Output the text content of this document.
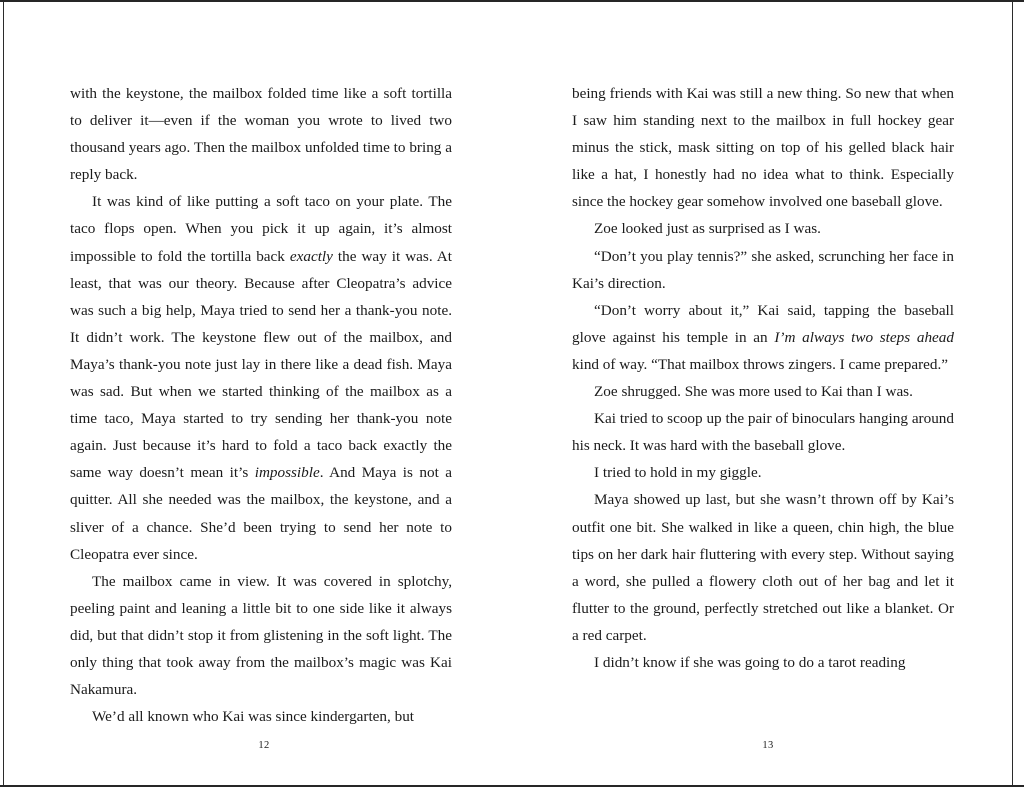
with the keystone, the mailbox folded time like a soft tortilla to deliver it—even if the woman you wrote to lived two thousand years ago. Then the mailbox unfolded time to bring a reply back.

It was kind of like putting a soft taco on your plate. The taco flops open. When you pick it up again, it’s almost impossible to fold the tortilla back exactly the way it was. At least, that was our theory. Because after Cleopatra’s advice was such a big help, Maya tried to send her a thank-you note. It didn’t work. The keystone flew out of the mailbox, and Maya’s thank-you note just lay in there like a dead fish. Maya was sad. But when we started thinking of the mailbox as a time taco, Maya started to try sending her thank-you note again. Just because it’s hard to fold a taco back exactly the same way doesn’t mean it’s impossible. And Maya is not a quitter. All she needed was the mailbox, the keystone, and a sliver of a chance. She’d been trying to send her note to Cleopatra ever since.

The mailbox came in view. It was covered in splotchy, peeling paint and leaning a little bit to one side like it always did, but that didn’t stop it from glistening in the soft light. The only thing that took away from the mailbox’s magic was Kai Nakamura.

We’d all known who Kai was since kindergarten, but

12

being friends with Kai was still a new thing. So new that when I saw him standing next to the mailbox in full hockey gear minus the stick, mask sitting on top of his gelled black hair like a hat, I honestly had no idea what to think. Especially since the hockey gear somehow involved one baseball glove.

Zoe looked just as surprised as I was.

“Don’t you play tennis?” she asked, scrunching her face in Kai’s direction.

“Don’t worry about it,” Kai said, tapping the baseball glove against his temple in an I’m always two steps ahead kind of way. “That mailbox throws zingers. I came prepared.”

Zoe shrugged. She was more used to Kai than I was.

Kai tried to scoop up the pair of binoculars hanging around his neck. It was hard with the baseball glove.

I tried to hold in my giggle.

Maya showed up last, but she wasn’t thrown off by Kai’s outfit one bit. She walked in like a queen, chin high, the blue tips on her dark hair fluttering with every step. Without saying a word, she pulled a flowery cloth out of her bag and let it flutter to the ground, perfectly stretched out like a blanket. Or a red carpet.

I didn’t know if she was going to do a tarot reading

13
